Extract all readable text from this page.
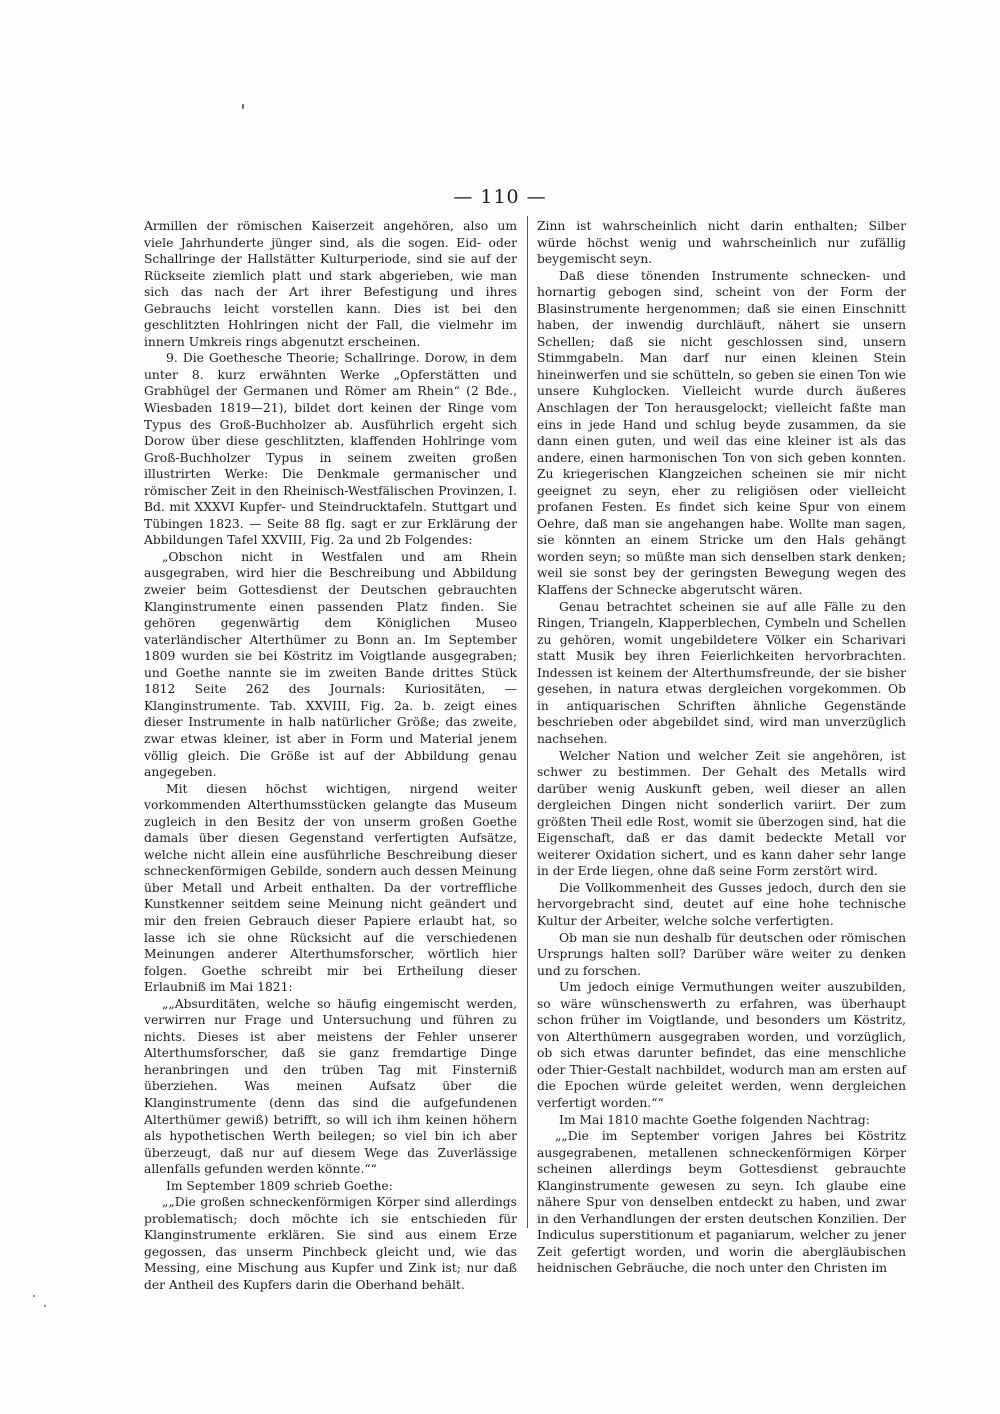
— 110 —

Armillen der römischen Kaiserzeit angehören, also um viele Jahrhunderte jünger sind, als die sogen. Eid- oder Schallringe der Hallstätter Kulturperiode, sind sie auf der Rückseite ziemlich platt und stark abgerieben, wie man sich das nach der Art ihrer Befestigung und ihres Gebrauchs leicht vorstellen kann. Dies ist bei den geschlitzten Hohlringen nicht der Fall, die vielmehr im innern Umkreis rings abgenutzt erscheinen.

9. Die Goethesche Theorie; Schallringe. Dorow, in dem unter 8. kurz erwähnten Werke „Opferstätten und Grabhügel der Germanen und Römer am Rhein“ (2 Bde., Wiesbaden 1819—21), bildet dort keinen der Ringe vom Typus des Groß-Buchholzer ab. Ausführlich ergeht sich Dorow über diese geschlitzten, klaffenden Hohlringe vom Groß-Buchholzer Typus in seinem zweiten großen illustrirten Werke: Die Denkmale germanischer und römischer Zeit in den Rheinisch-Westfälischen Provinzen, I. Bd. mit XXXVI Kupfer- und Steindrucktafeln. Stuttgart und Tübingen 1823. — Seite 88 flg. sagt er zur Erklärung der Abbildungen Tafel XXVIII, Fig. 2a und 2b Folgendes:

„Obschon nicht in Westfalen und am Rhein ausgegraben, wird hier die Beschreibung und Abbildung zweier beim Gottesdienst der Deutschen gebrauchten Klanginstrumente einen passenden Platz finden. Sie gehören gegenwärtig dem Königlichen Museo vaterländischer Alterthümer zu Bonn an. Im September 1809 wurden sie bei Köstritz im Voigtlande ausgegraben; und Goethe nannte sie im zweiten Bande drittes Stück 1812 Seite 262 des Journals: Kuriositäten, — Klanginstrumente. Tab. XXVIII, Fig. 2a. b. zeigt eines dieser Instrumente in halb natürlicher Größe; das zweite, zwar etwas kleiner, ist aber in Form und Material jenem völlig gleich. Die Größe ist auf der Abbildung genau angegeben.

Mit diesen höchst wichtigen, nirgend weiter vorkommenden Alterthumsstücken gelangte das Museum zugleich in den Besitz der von unserm großen Goethe damals über diesen Gegenstand verfertigten Aufsätze, welche nicht allein eine ausführliche Beschreibung dieser schneckenförmigen Gebilde, sondern auch dessen Meinung über Metall und Arbeit enthalten. Da der vortreffliche Kunstkenner seitdem seine Meinung nicht geändert und mir den freien Gebrauch dieser Papiere erlaubt hat, so lasse ich sie ohne Rücksicht auf die verschiedenen Meinungen anderer Alterthumsforscher, wörtlich hier folgen. Goethe schreibt mir bei Ertheilung dieser Erlaubniß im Mai 1821:

„„Absurditäten, welche so häufig eingemischt werden, verwirren nur Frage und Untersuchung und führen zu nichts. Dieses ist aber meistens der Fehler unserer Alterthumsforscher, daß sie ganz fremdartige Dinge heranbringen und den trüben Tag mit Finsterniß überziehen. Was meinen Aufsatz über die Klanginstrumente (denn das sind die aufgefundenen Alterthümer gewiß) betrifft, so will ich ihm keinen höhern als hypothetischen Werth beilegen; so viel bin ich aber überzeugt, daß nur auf diesem Wege das Zuverlässige allenfalls gefunden werden könnte.““

Im September 1809 schrieb Goethe:

„„Die großen schneckenförmigen Körper sind allerdings problematisch; doch möchte ich sie entschieden für Klanginstrumente erklären. Sie sind aus einem Erze gegossen, das unserm Pinchbeck gleicht und, wie das Messing, eine Mischung aus Kupfer und Zink ist; nur daß der Antheil des Kupfers darin die Oberhand behält.

Zinn ist wahrscheinlich nicht darin enthalten; Silber würde höchst wenig und wahrscheinlich nur zufällig beygemischt seyn.

Daß diese tönenden Instrumente schnecken- und hornartig gebogen sind, scheint von der Form der Blasinstrumente hergenommen; daß sie einen Einschnitt haben, der inwendig durchläuft, nähert sie unsern Schellen; daß sie nicht geschlossen sind, unsern Stimmgabeln. Man darf nur einen kleinen Stein hineinwerfen und sie schütteln, so geben sie einen Ton wie unsere Kuhglocken. Vielleicht wurde durch äußeres Anschlagen der Ton herausgelockt; vielleicht faßte man eins in jede Hand und schlug beyde zusammen, da sie dann einen guten, und weil das eine kleiner ist als das andere, einen harmonischen Ton von sich geben konnten. Zu kriegerischen Klangzeichen scheinen sie mir nicht geeignet zu seyn, eher zu religiösen oder vielleicht profanen Festen. Es findet sich keine Spur von einem Oehre, daß man sie angehangen habe. Wollte man sagen, sie könnten an einem Stricke um den Hals gehängt worden seyn; so müßte man sich denselben stark denken; weil sie sonst bey der geringsten Bewegung wegen des Klaffens der Schnecke abgerutscht wären.

Genau betrachtet scheinen sie auf alle Fälle zu den Ringen, Triangeln, Klapperblechen, Cymbeln und Schellen zu gehören, womit ungebildetere Völker ein Scharivari statt Musik bey ihren Feierlichkeiten hervorbrachten. Indessen ist keinem der Alterthumsfreunde, der sie bisher gesehen, in natura etwas dergleichen vorgekommen. Ob in antiquarischen Schriften ähnliche Gegenstände beschrieben oder abgebildet sind, wird man unverzüglich nachsehen.

Welcher Nation und welcher Zeit sie angehören, ist schwer zu bestimmen. Der Gehalt des Metalls wird darüber wenig Auskunft geben, weil dieser an allen dergleichen Dingen nicht sonderlich variirt. Der zum größten Theil edle Rost, womit sie überzogen sind, hat die Eigenschaft, daß er das damit bedeckte Metall vor weiterer Oxidation sichert, und es kann daher sehr lange in der Erde liegen, ohne daß seine Form zerstört wird.

Die Vollkommenheit des Gusses jedoch, durch den sie hervorgebracht sind, deutet auf eine hohe technische Kultur der Arbeiter, welche solche verfertigten.

Ob man sie nun deshalb für deutschen oder römischen Ursprungs halten soll? Darüber wäre weiter zu denken und zu forschen.

Um jedoch einige Vermuthungen weiter auszubilden, so wäre wünschenswerth zu erfahren, was überhaupt schon früher im Voigtlande, und besonders um Köstritz, von Alterthümern ausgegraben worden, und vorzüglich, ob sich etwas darunter befindet, das eine menschliche oder Thier-Gestalt nachbildet, wodurch man am ersten auf die Epochen würde geleitet werden, wenn dergleichen verfertigt worden.““

Im Mai 1810 machte Goethe folgenden Nachtrag:

„„Die im September vorigen Jahres bei Köstritz ausgegrabenen, metallenen schneckenförmigen Körper scheinen allerdings beym Gottesdienst gebrauchte Klanginstrumente gewesen zu seyn. Ich glaube eine nähere Spur von denselben entdeckt zu haben, und zwar in den Verhandlungen der ersten deutschen Konzilien. Der Indiculus superstitionum et paganiarum, welcher zu jener Zeit gefertigt worden, und worin die abergläubischen heidnischen Gebräuche, die noch unter den Christen im
